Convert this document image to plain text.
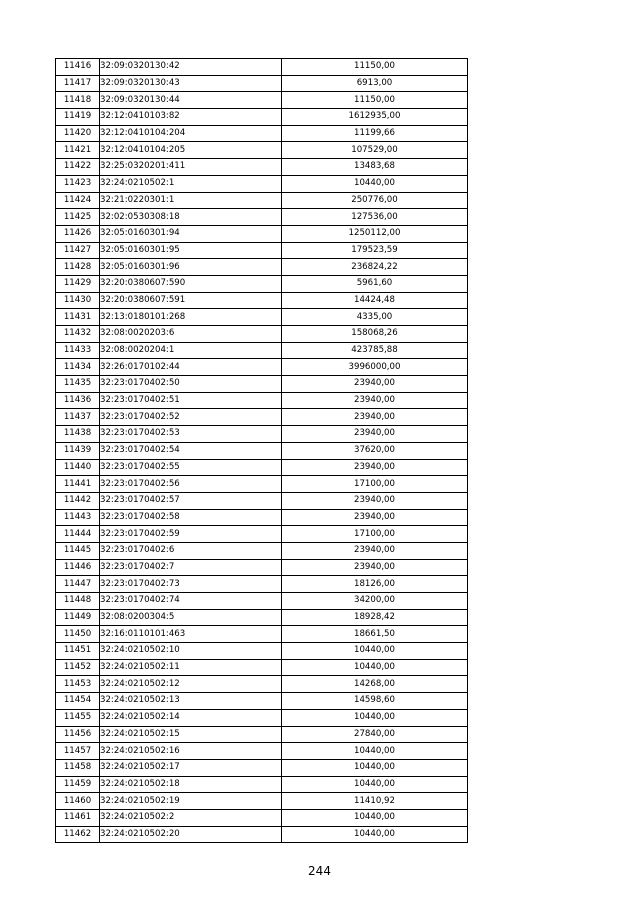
11416	32:09:0320130:42	11150,00
11417	32:09:0320130:43	6913,00
11418	32:09:0320130:44	11150,00
11419	32:12:0410103:82	1612935,00
11420	32:12:0410104:204	11199,66
11421	32:12:0410104:205	107529,00
11422	32:25:0320201:411	13483,68
11423	32:24:0210502:1	10440,00
11424	32:21:0220301:1	250776,00
11425	32:02:0530308:18	127536,00
11426	32:05:0160301:94	1250112,00
11427	32:05:0160301:95	179523,59
11428	32:05:0160301:96	236824,22
11429	32:20:0380607:590	5961,60
11430	32:20:0380607:591	14424,48
11431	32:13:0180101:268	4335,00
11432	32:08:0020203:6	158068,26
11433	32:08:0020204:1	423785,88
11434	32:26:0170102:44	3996000,00
11435	32:23:0170402:50	23940,00
11436	32:23:0170402:51	23940,00
11437	32:23:0170402:52	23940,00
11438	32:23:0170402:53	23940,00
11439	32:23:0170402:54	37620,00
11440	32:23:0170402:55	23940,00
11441	32:23:0170402:56	17100,00
11442	32:23:0170402:57	23940,00
11443	32:23:0170402:58	23940,00
11444	32:23:0170402:59	17100,00
11445	32:23:0170402:6	23940,00
11446	32:23:0170402:7	23940,00
11447	32:23:0170402:73	18126,00
11448	32:23:0170402:74	34200,00
11449	32:08:0200304:5	18928,42
11450	32:16:0110101:463	18661,50
11451	32:24:0210502:10	10440,00
11452	32:24:0210502:11	10440,00
11453	32:24:0210502:12	14268,00
11454	32:24:0210502:13	14598,60
11455	32:24:0210502:14	10440,00
11456	32:24:0210502:15	27840,00
11457	32:24:0210502:16	10440,00
11458	32:24:0210502:17	10440,00
11459	32:24:0210502:18	10440,00
11460	32:24:0210502:19	11410,92
11461	32:24:0210502:2	10440,00
11462	32:24:0210502:20	10440,00
244
